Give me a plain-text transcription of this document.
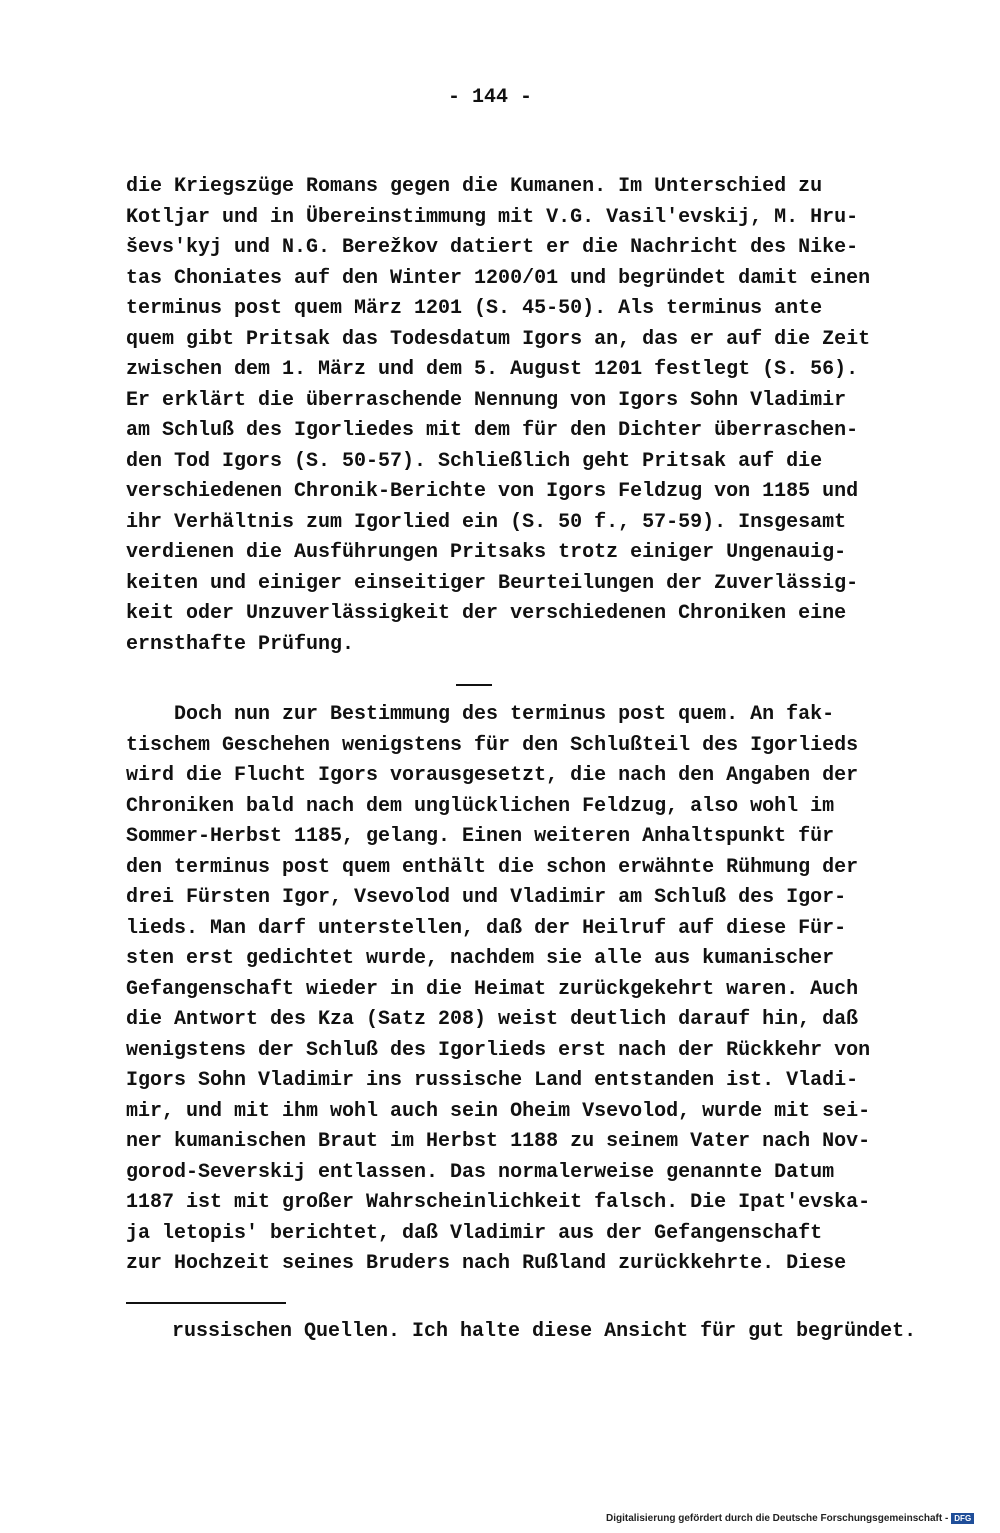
- 144 -
die Kriegszüge Romans gegen die Kumanen. Im Unterschied zu
Kotljar und in Übereinstimmung mit V.G. Vasil'evskij, M. Hru-
ševs'kyj und N.G. Berežkov datiert er die Nachricht des Nike-
tas Choniates auf den Winter 1200/01 und begründet damit einen
terminus post quem März 1201 (S. 45-50). Als terminus ante
quem gibt Pritsak das Todesdatum Igors an, das er auf die Zeit
zwischen dem 1. März und dem 5. August 1201 festlegt (S. 56).
Er erklärt die überraschende Nennung von Igors Sohn Vladimir
am Schluß des Igorliedes mit dem für den Dichter überraschen-
den Tod Igors (S. 50-57). Schließlich geht Pritsak auf die
verschiedenen Chronik-Berichte von Igors Feldzug von 1185 und
ihr Verhältnis zum Igorlied ein (S. 50 f., 57-59). Insgesamt
verdienen die Ausführungen Pritsaks trotz einiger Ungenauig-
keiten und einiger einseitiger Beurteilungen der Zuverlässig-
keit oder Unzuverlässigkeit der verschiedenen Chroniken eine
ernsthafte Prüfung.
Doch nun zur Bestimmung des terminus post quem. An fak-
tischem Geschehen wenigstens für den Schlußteil des Igorlieds
wird die Flucht Igors vorausgesetzt, die nach den Angaben der
Chroniken bald nach dem unglücklichen Feldzug, also wohl im
Sommer-Herbst 1185, gelang. Einen weiteren Anhaltspunkt für
den terminus post quem enthält die schon erwähnte Rühmung der
drei Fürsten Igor, Vsevolod und Vladimir am Schluß des Igor-
lieds. Man darf unterstellen, daß der Heilruf auf diese Für-
sten erst gedichtet wurde, nachdem sie alle aus kumanischer
Gefangenschaft wieder in die Heimat zurückgekehrt waren. Auch
die Antwort des Kza (Satz 208) weist deutlich darauf hin, daß
wenigstens der Schluß des Igorlieds erst nach der Rückkehr von
Igors Sohn Vladimir ins russische Land entstanden ist. Vladi-
mir, und mit ihm wohl auch sein Oheim Vsevolod, wurde mit sei-
ner kumanischen Braut im Herbst 1188 zu seinem Vater nach Nov-
gorod-Severskij entlassen. Das normalerweise genannte Datum
1187 ist mit großer Wahrscheinlichkeit falsch. Die Ipat'evska-
ja letopis' berichtet, daß Vladimir aus der Gefangenschaft
zur Hochzeit seines Bruders nach Rußland zurückkehrte. Diese
russischen Quellen. Ich halte diese Ansicht für gut begründet.
Digitalisierung gefördert durch die Deutsche Forschungsgemeinschaft - DFG
